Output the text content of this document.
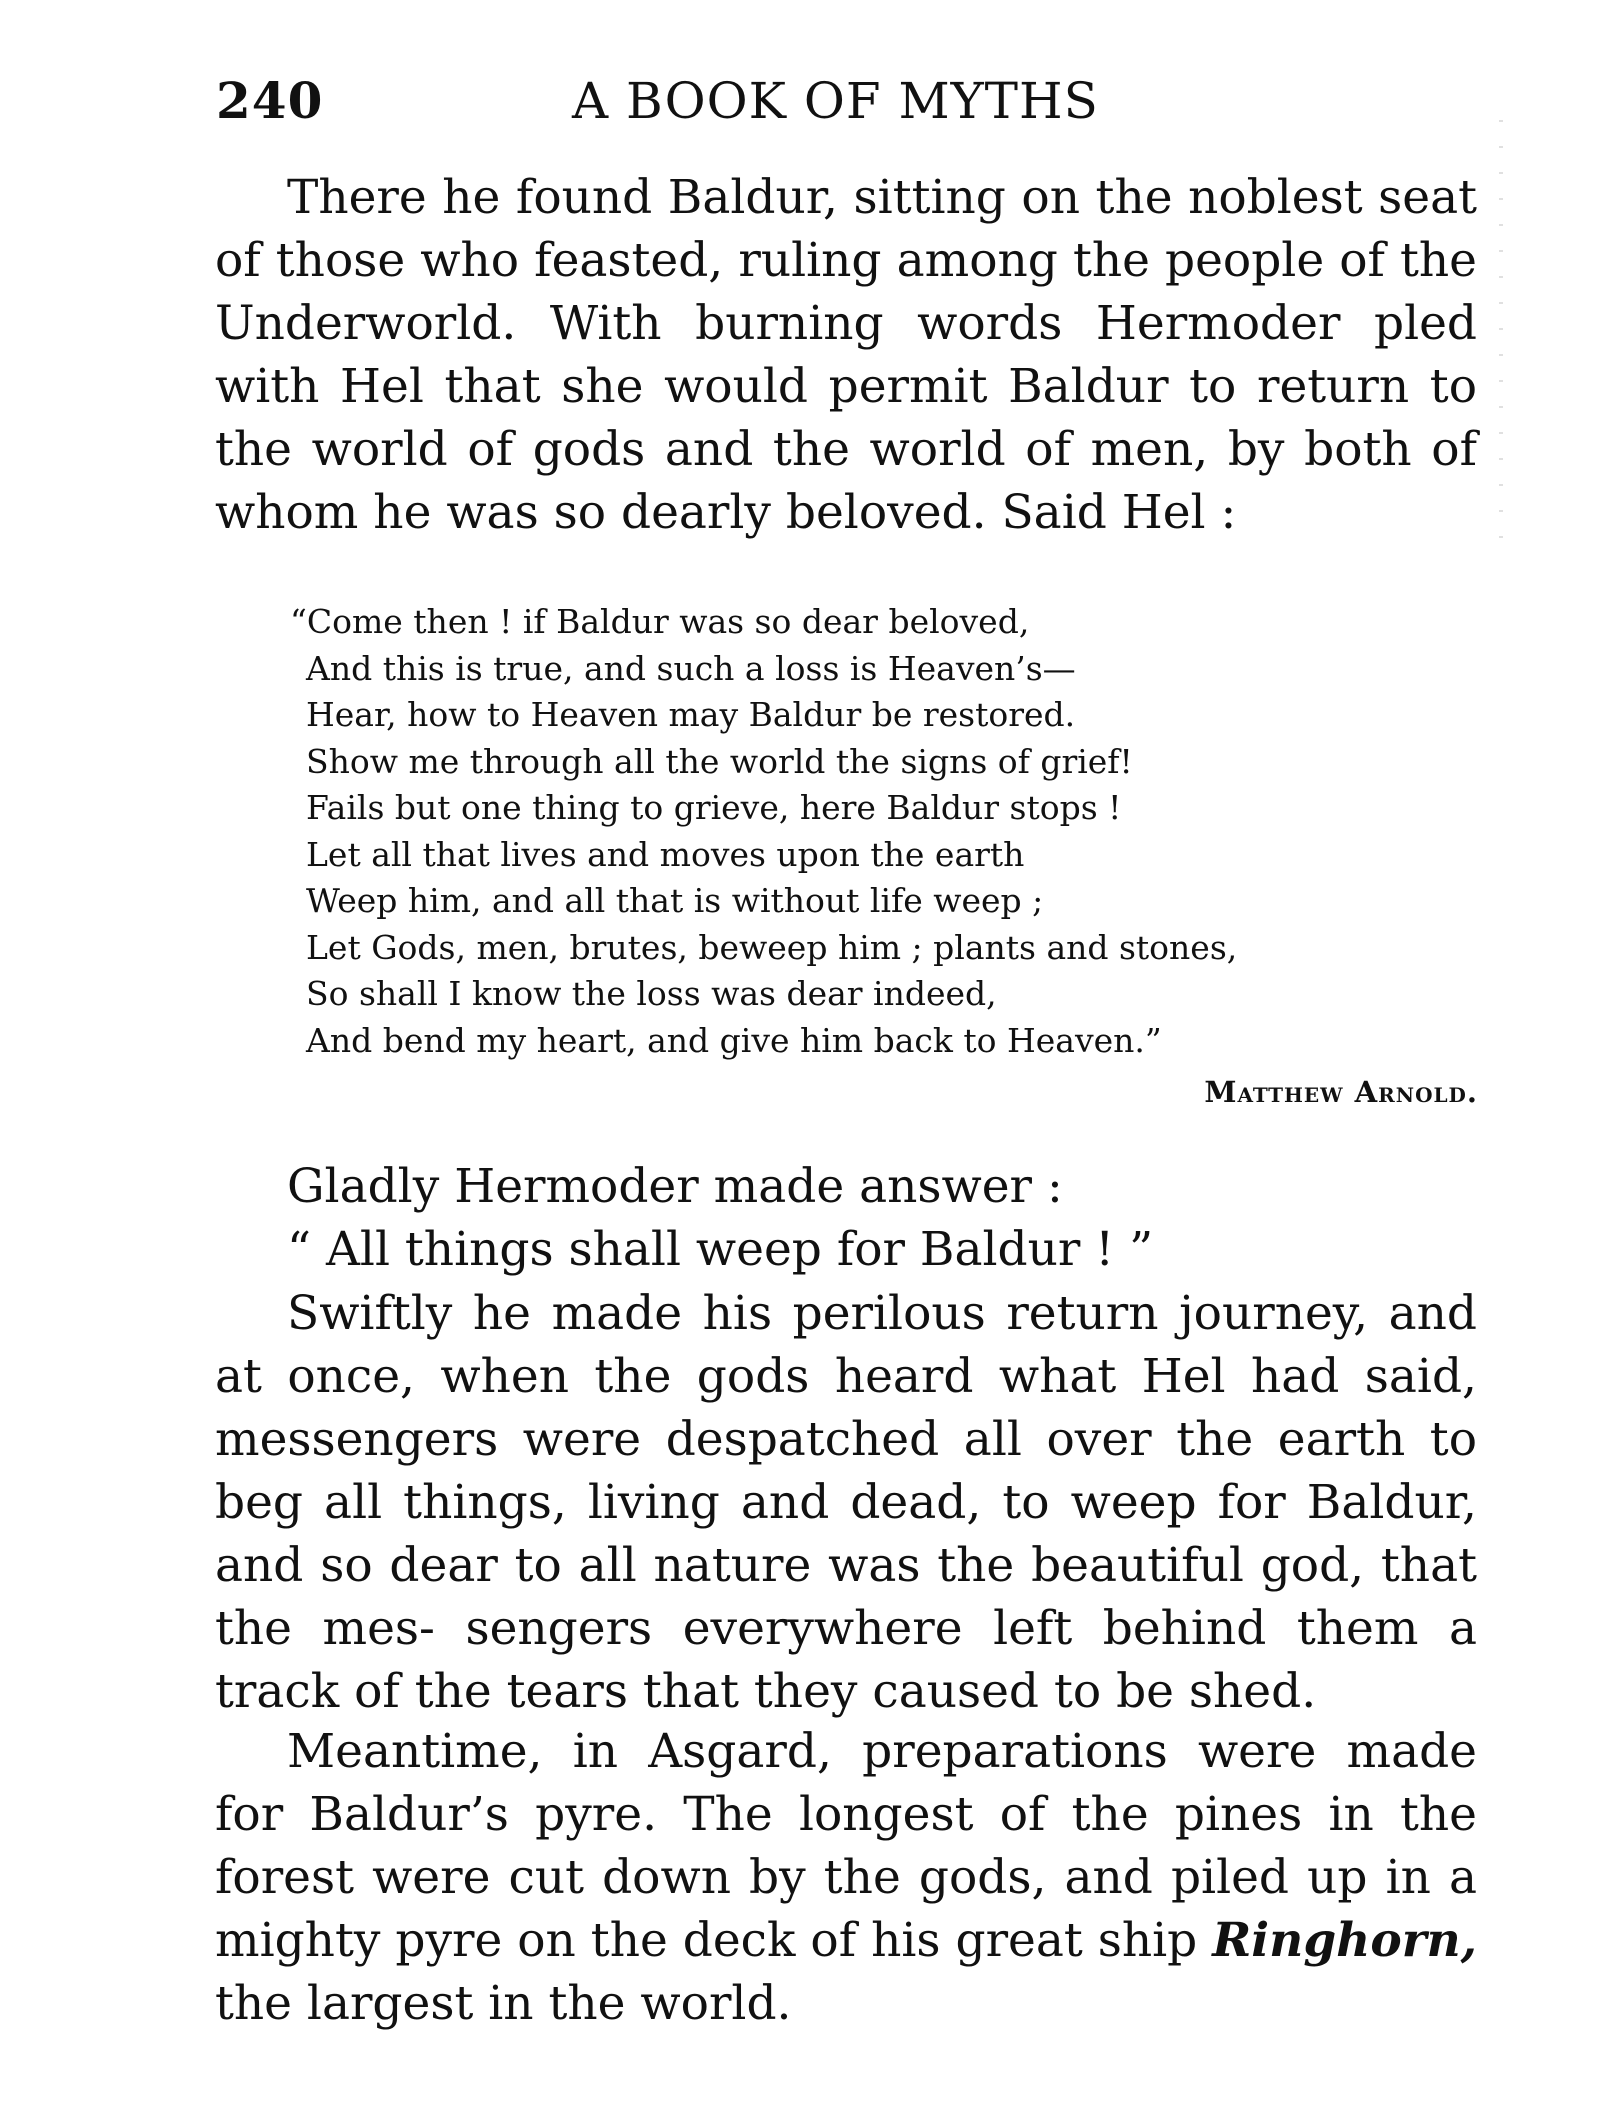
240	A BOOK OF MYTHS

There he found Baldur, sitting on the noblest seat of those who feasted, ruling among the people of the Underworld. With burning words Hermoder pled with Hel that she would permit Baldur to return to the world of gods and the world of men, by both of whom he was so dearly beloved. Said Hel :

“Come then ! if Baldur was so dear beloved,
And this is true, and such a loss is Heaven’s—
Hear, how to Heaven may Baldur be restored.
Show me through all the world the signs of grief!
Fails but one thing to grieve, here Baldur stops !
Let all that lives and moves upon the earth
Weep him, and all that is without life weep ;
Let Gods, men, brutes, beweep him ; plants and stones,
So shall I know the loss was dear indeed,
And bend my heart, and give him back to Heaven.”
Matthew Arnold.

Gladly Hermoder made answer :

“ All things shall weep for Baldur ! ”

Swiftly he made his perilous return journey, and at once, when the gods heard what Hel had said, messengers were despatched all over the earth to beg all things, living and dead, to weep for Baldur, and so dear to all nature was the beautiful god, that the mes- sengers everywhere left behind them a track of the tears that they caused to be shed.

Meantime, in Asgard, preparations were made for Baldur’s pyre. The longest of the pines in the forest were cut down by the gods, and piled up in a mighty pyre on the deck of his great ship Ringhorn, the largest in the world.
